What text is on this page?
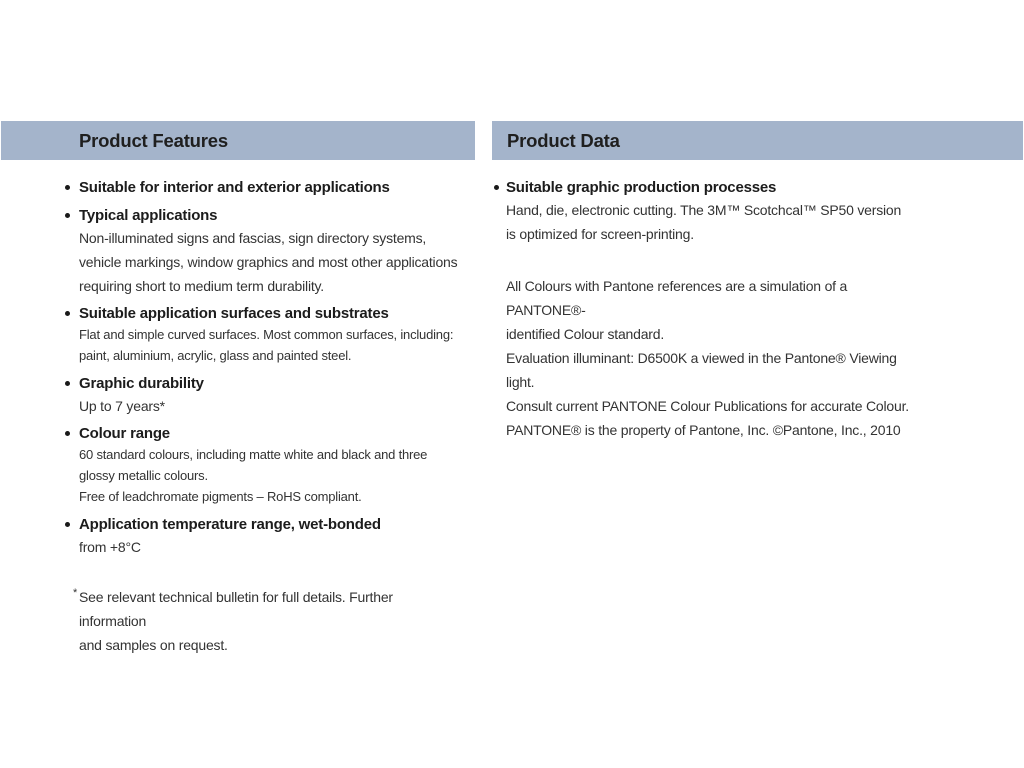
Product Features
Suitable for interior and exterior applications
Typical applications

Non-illuminated signs and fascias, sign directory systems,

vehicle markings, window graphics and most other applications

requiring short to medium term durability.

Suitable application surfaces and substrates

Flat and simple curved surfaces. Most common surfaces, including:

paint, aluminium, acrylic, glass and painted steel.

Graphic durability

Up to 7 years*

Colour range

60 standard colours, including matte white and black and three

glossy metallic colours.

Free of leadchromate pigments – RoHS compliant.

Application temperature range, wet-bonded

from +8°C

* See relevant technical bulletin for full details. Further information
and samples on request.
Product Data
Suitable graphic production processes

Hand, die, electronic cutting. The 3M™ Scotchcal™ SP50 version

is optimized for screen-printing.

All Colours with Pantone references are a simulation of a PANTONE®-

identified Colour standard.

Evaluation illuminant: D6500K a viewed in the Pantone® Viewing light.

Consult current PANTONE Colour Publications for accurate Colour.

PANTONE® is the property of Pantone, Inc. ©Pantone, Inc., 2010
